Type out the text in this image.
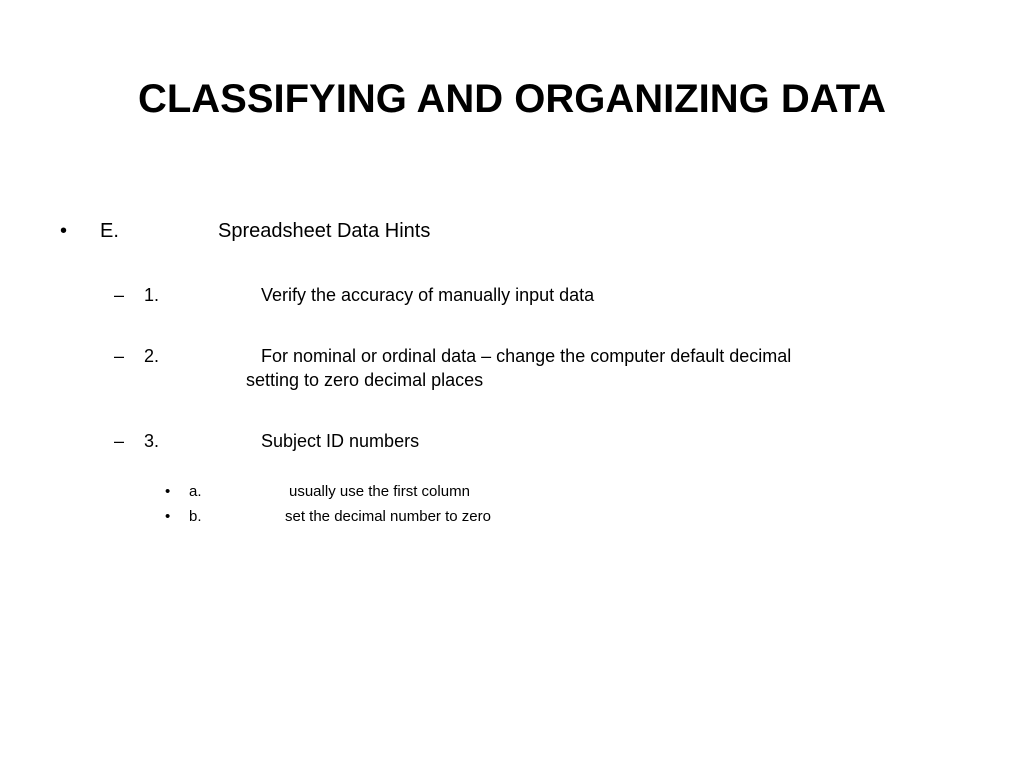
CLASSIFYING AND ORGANIZING DATA
• E.	Spreadsheet Data Hints
– 1.	Verify the accuracy of manually input data
– 2.	For nominal or ordinal data – change the computer default decimal
setting to zero decimal places
– 3.	Subject ID numbers
• a.	usually use the first column
• b.	set the decimal number to zero
